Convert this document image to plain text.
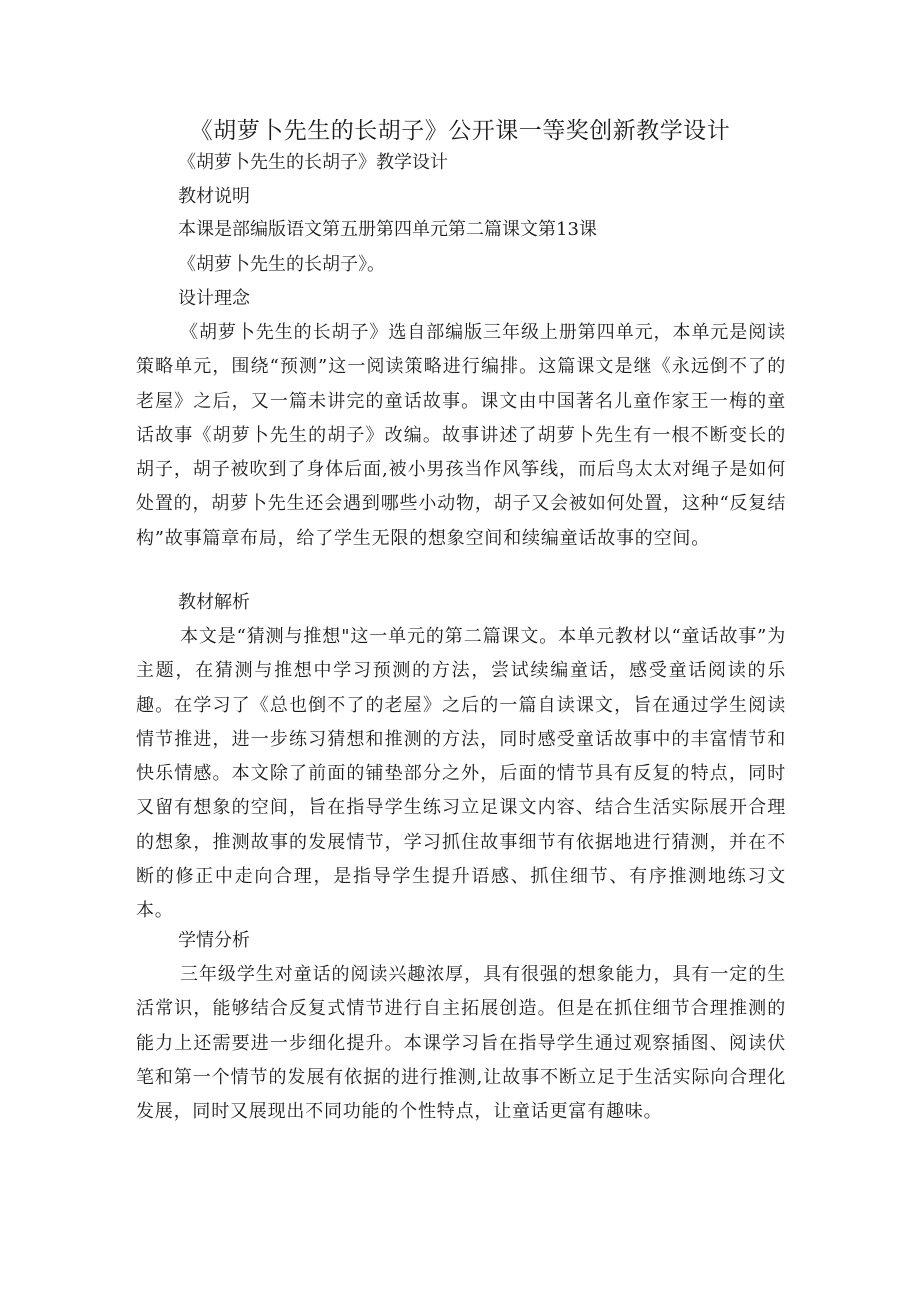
《胡萝卜先生的长胡子》公开课一等奖创新教学设计

《胡萝卜先生的长胡子》教学设计

教材说明

本课是部编版语文第五册第四单元第二篇课文第13课

《胡萝卜先生的长胡子》。

设计理念

《胡萝卜先生的长胡子》选自部编版三年级上册第四单元，本单元是阅读策略单元，围绕“预测”这一阅读策略进行编排。这篇课文是继《永远倒不了的老屋》之后，又一篇未讲完的童话故事。课文由中国著名儿童作家王一梅的童话故事《胡萝卜先生的胡子》改编。故事讲述了胡萝卜先生有一根不断变长的胡子，胡子被吹到了身体后面,被小男孩当作风筝线，而后鸟太太对绳子是如何处置的，胡萝卜先生还会遇到哪些小动物，胡子又会被如何处置，这种“反复结构”故事篇章布局，给了学生无限的想象空间和续编童话故事的空间。

教材解析

本文是“猜测与推想"这一单元的第二篇课文。本单元教材以“童话故事”为主题，在猜测与推想中学习预测的方法，尝试续编童话，感受童话阅读的乐趣。在学习了《总也倒不了的老屋》之后的一篇自读课文，旨在通过学生阅读情节推进，进一步练习猜想和推测的方法，同时感受童话故事中的丰富情节和快乐情感。本文除了前面的铺垫部分之外，后面的情节具有反复的特点，同时又留有想象的空间，旨在指导学生练习立足课文内容、结合生活实际展开合理的想象，推测故事的发展情节，学习抓住故事细节有依据地进行猜测，并在不断的修正中走向合理，是指导学生提升语感、抓住细节、有序推测地练习文本。

学情分析

三年级学生对童话的阅读兴趣浓厚，具有很强的想象能力，具有一定的生活常识，能够结合反复式情节进行自主拓展创造。但是在抓住细节合理推测的能力上还需要进一步细化提升。本课学习旨在指导学生通过观察插图、阅读伏笔和第一个情节的发展有依据的进行推测,让故事不断立足于生活实际向合理化发展，同时又展现出不同功能的个性特点，让童话更富有趣味。
